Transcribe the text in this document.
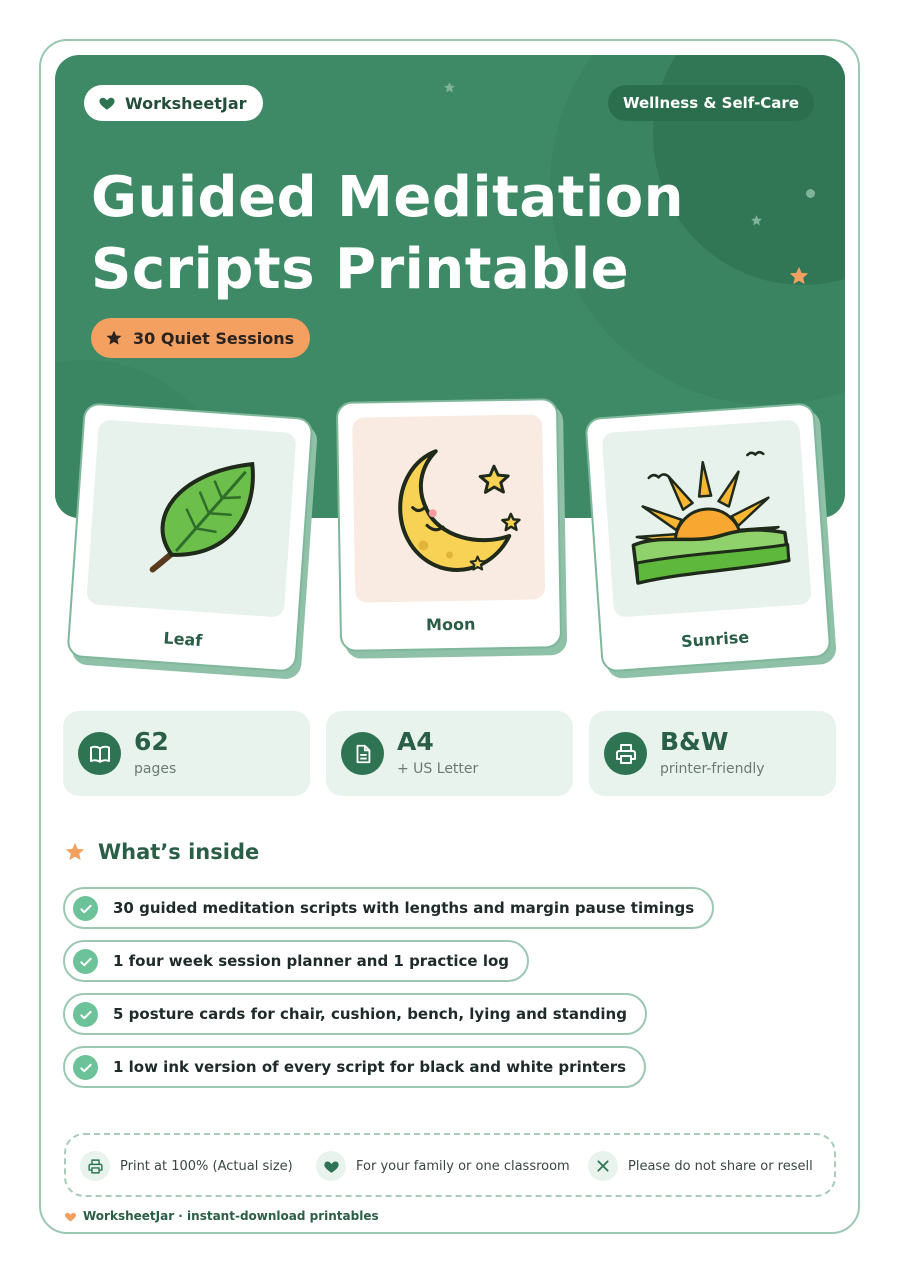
WorksheetJar	Wellness & Self-Care
Guided Meditation
Scripts Printable
30 Quiet Sessions
Leaf
Moon
Sunrise
62
pages
A4
+ US Letter
B&W
printer-friendly
What’s inside
30 guided meditation scripts with lengths and margin pause timings
1 four week session planner and 1 practice log
5 posture cards for chair, cushion, bench, lying and standing
1 low ink version of every script for black and white printers
Print at 100% (Actual size)	For your family or one classroom	Please do not share or resell
WorksheetJar · instant-download printables
